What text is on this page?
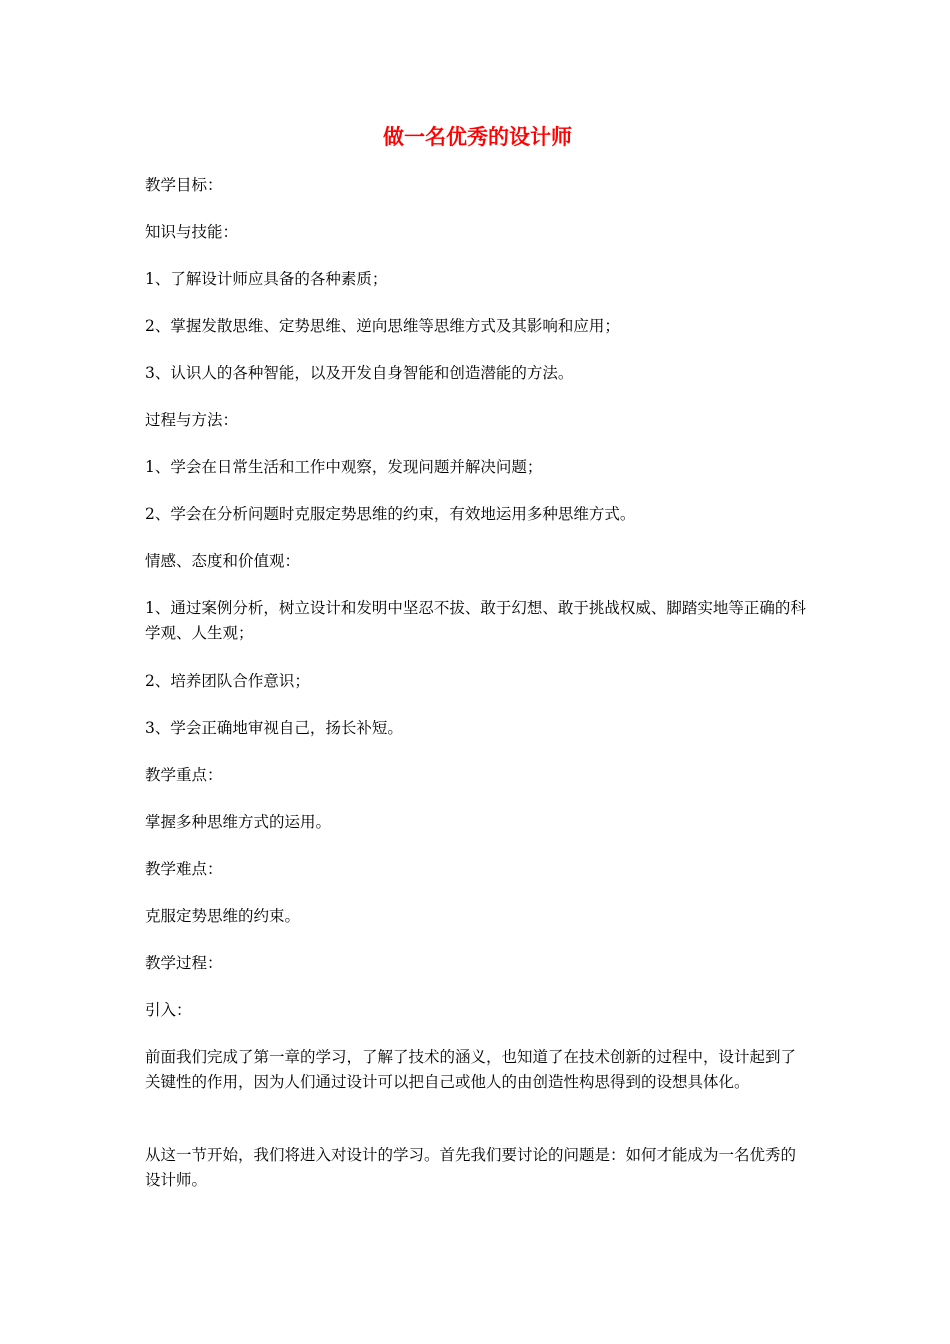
做一名优秀的设计师

教学目标：

知识与技能：

1、了解设计师应具备的各种素质；

2、掌握发散思维、定势思维、逆向思维等思维方式及其影响和应用；

3、认识人的各种智能，以及开发自身智能和创造潜能的方法。

过程与方法：

1、学会在日常生活和工作中观察，发现问题并解决问题；

2、学会在分析问题时克服定势思维的约束，有效地运用多种思维方式。

情感、态度和价值观：

1、通过案例分析，树立设计和发明中坚忍不拔、敢于幻想、敢于挑战权威、脚踏实地等正确的科学观、人生观；

2、培养团队合作意识；

3、学会正确地审视自己，扬长补短。

教学重点：

掌握多种思维方式的运用。

教学难点：

克服定势思维的约束。

教学过程：

引入：

前面我们完成了第一章的学习，了解了技术的涵义，也知道了在技术创新的过程中，设计起到了关键性的作用，因为人们通过设计可以把自己或他人的由创造性构思得到的设想具体化。

从这一节开始，我们将进入对设计的学习。首先我们要讨论的问题是：如何才能成为一名优秀的设计师。
